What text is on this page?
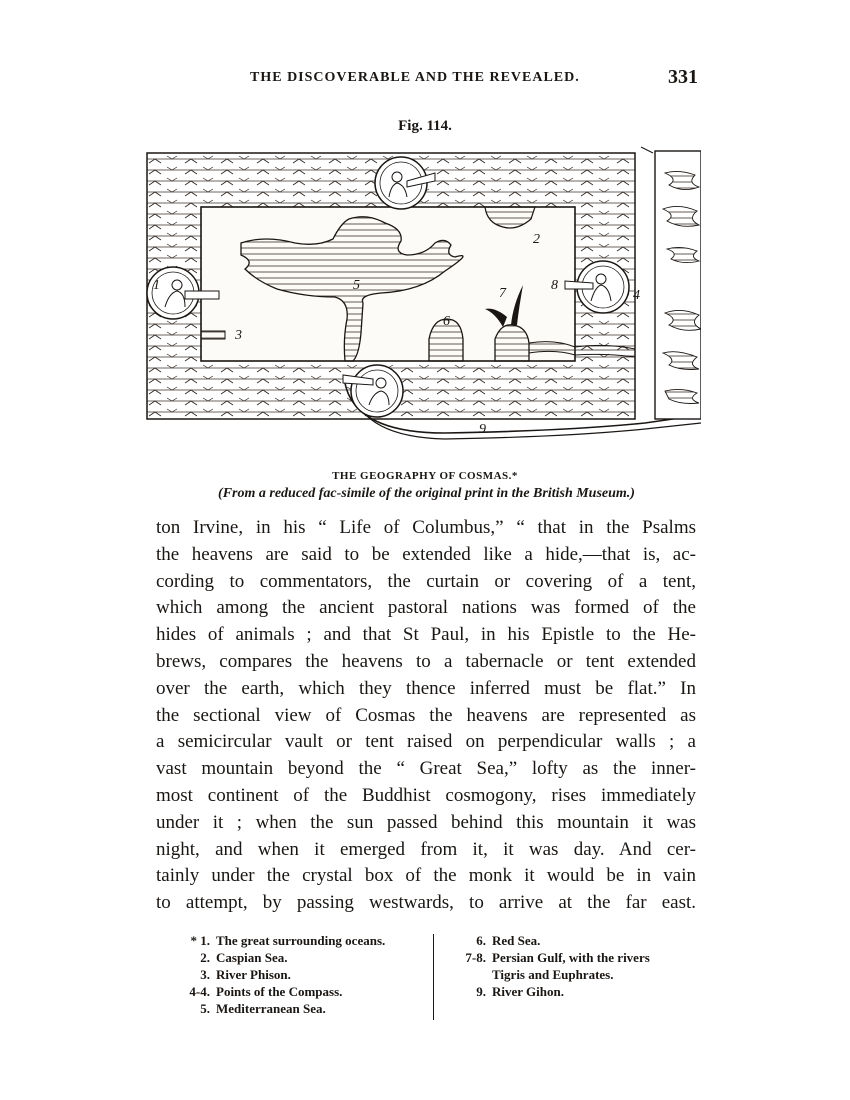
THE DISCOVERABLE AND THE REVEALED.	331
Fig. 114.
1
2
3
4
5
6
7
8
9
THE GEOGRAPHY OF COSMAS.*
(From a reduced fac-simile of the original print in the British Museum.)
ton Irvine, in his “ Life of Columbus,” “ that in the Psalms
the heavens are said to be extended like a hide,—that is, ac-
cording to commentators, the curtain or covering of a tent,
which among the ancient pastoral nations was formed of the
hides of animals ; and that St Paul, in his Epistle to the He-
brews, compares the heavens to a tabernacle or tent extended
over the earth, which they thence inferred must be flat.” In
the sectional view of Cosmas the heavens are represented as
a semicircular vault or tent raised on perpendicular walls ; a
vast mountain beyond the “ Great Sea,” lofty as the inner-
most continent of the Buddhist cosmogony, rises immediately
under it ; when the sun passed behind this mountain it was
night, and when it emerged from it, it was day. And cer-
tainly under the crystal box of the monk it would be in vain
to attempt, by passing westwards, to arrive at the far east.
* 1. The great surrounding oceans.
2. Caspian Sea.
3. River Phison.
4-4. Points of the Compass.
5. Mediterranean Sea.
6. Red Sea.
7-8. Persian Gulf, with the rivers
Tigris and Euphrates.
9. River Gihon.
